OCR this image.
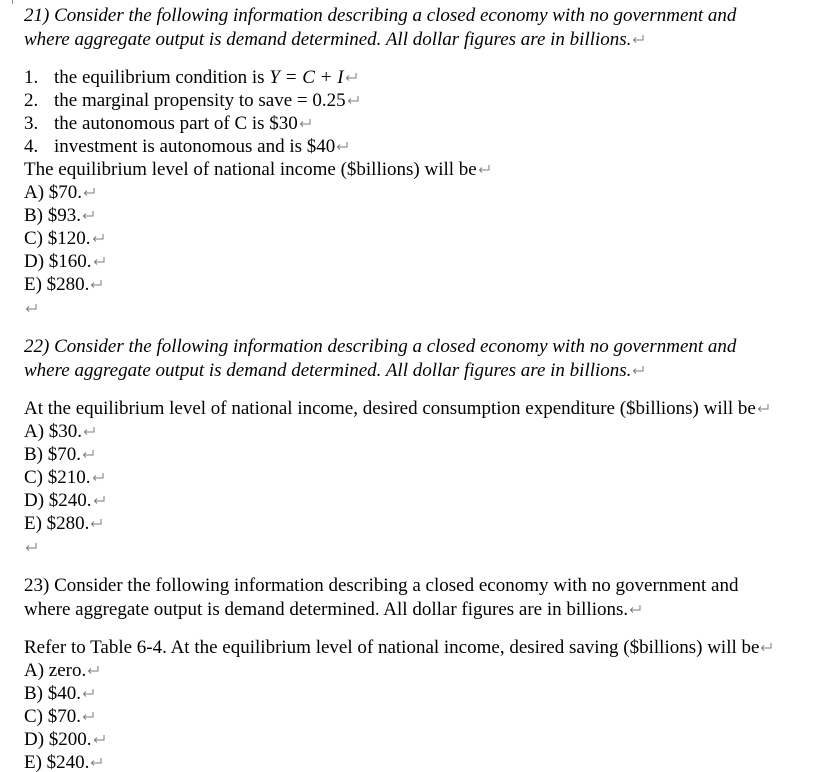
21) Consider the following information describing a closed economy with no government and
where aggregate output is demand determined. All dollar figures are in billions.
1. the equilibrium condition is Y = C + I
2. the marginal propensity to save = 0.25
3. the autonomous part of C is $30
4. investment is autonomous and is $40
The equilibrium level of national income ($billions) will be
A) $70.
B) $93.
C) $120.
D) $160.
E) $280.
22) Consider the following information describing a closed economy with no government and
where aggregate output is demand determined. All dollar figures are in billions.
At the equilibrium level of national income, desired consumption expenditure ($billions) will be
A) $30.
B) $70.
C) $210.
D) $240.
E) $280.
23) Consider the following information describing a closed economy with no government and
where aggregate output is demand determined. All dollar figures are in billions.
Refer to Table 6-4. At the equilibrium level of national income, desired saving ($billions) will be
A) zero.
B) $40.
C) $70.
D) $200.
E) $240.
